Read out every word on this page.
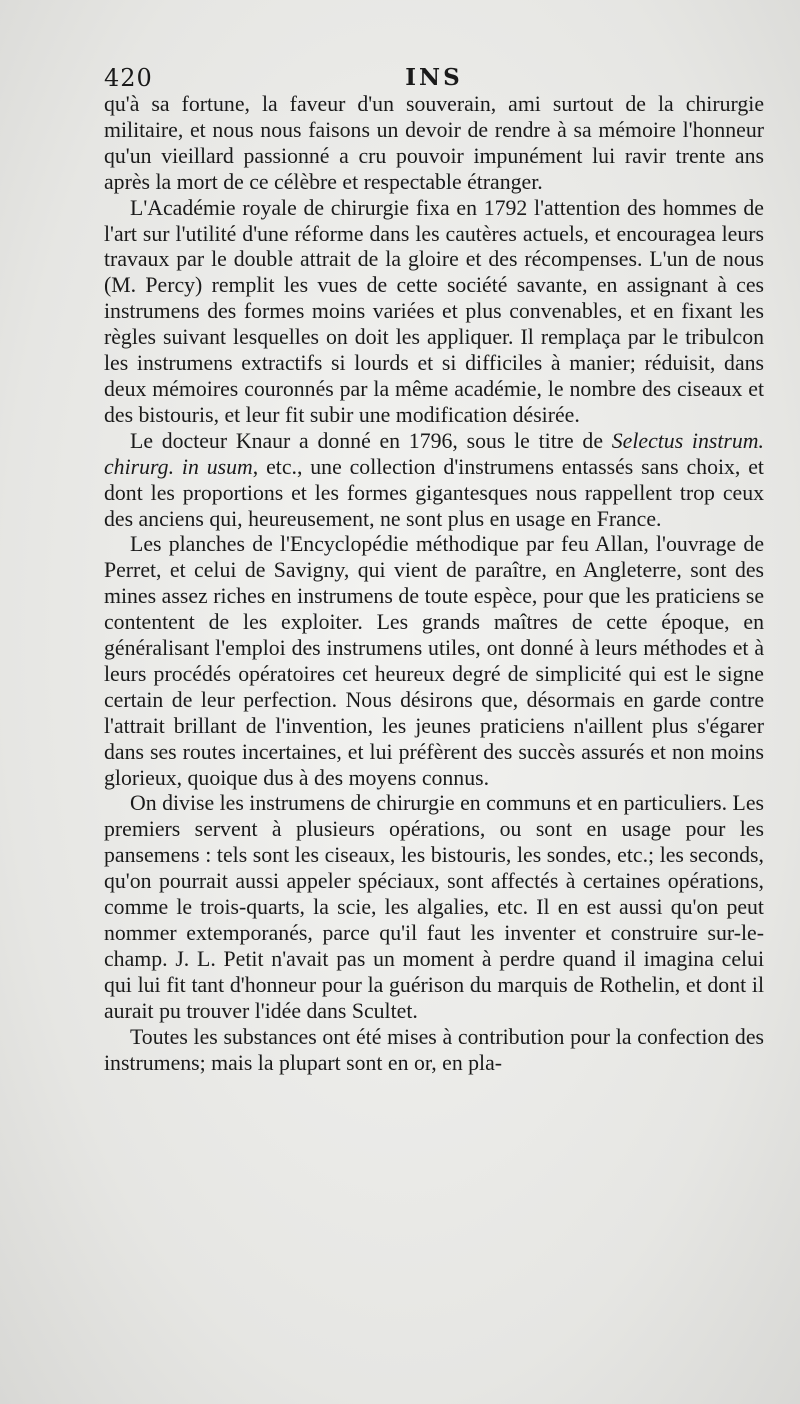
420	INS

qu'à sa fortune, la faveur d'un souverain, ami surtout de la chirurgie militaire, et nous nous faisons un devoir de rendre à sa mémoire l'honneur qu'un vieillard passionné a cru pouvoir impunément lui ravir trente ans après la mort de ce célèbre et respectable étranger.

L'Académie royale de chirurgie fixa en 1792 l'attention des hommes de l'art sur l'utilité d'une réforme dans les cautères actuels, et encouragea leurs travaux par le double attrait de la gloire et des récompenses. L'un de nous (M. Percy) remplit les vues de cette société savante, en assignant à ces instrumens des formes moins variées et plus convenables, et en fixant les règles suivant lesquelles on doit les appliquer. Il remplaça par le tribulcon les instrumens extractifs si lourds et si difficiles à manier; réduisit, dans deux mémoires couronnés par la même académie, le nombre des ciseaux et des bistouris, et leur fit subir une modification désirée.

Le docteur Knaur a donné en 1796, sous le titre de Selectus instrum. chirurg. in usum, etc., une collection d'instrumens entassés sans choix, et dont les proportions et les formes gigantesques nous rappellent trop ceux des anciens qui, heureusement, ne sont plus en usage en France.

Les planches de l'Encyclopédie méthodique par feu Allan, l'ouvrage de Perret, et celui de Savigny, qui vient de paraître, en Angleterre, sont des mines assez riches en instrumens de toute espèce, pour que les praticiens se contentent de les exploiter. Les grands maîtres de cette époque, en généralisant l'emploi des instrumens utiles, ont donné à leurs méthodes et à leurs procédés opératoires cet heureux degré de simplicité qui est le signe certain de leur perfection. Nous désirons que, désormais en garde contre l'attrait brillant de l'invention, les jeunes praticiens n'aillent plus s'égarer dans ses routes incertaines, et lui préfèrent des succès assurés et non moins glorieux, quoique dus à des moyens connus.

On divise les instrumens de chirurgie en communs et en particuliers. Les premiers servent à plusieurs opérations, ou sont en usage pour les pansemens : tels sont les ciseaux, les bistouris, les sondes, etc.; les seconds, qu'on pourrait aussi appeler spéciaux, sont affectés à certaines opérations, comme le trois-quarts, la scie, les algalies, etc. Il en est aussi qu'on peut nommer extemporanés, parce qu'il faut les inventer et construire sur-le-champ. J. L. Petit n'avait pas un moment à perdre quand il imagina celui qui lui fit tant d'honneur pour la guérison du marquis de Rothelin, et dont il aurait pu trouver l'idée dans Scultet.

Toutes les substances ont été mises à contribution pour la confection des instrumens; mais la plupart sont en or, en pla-
